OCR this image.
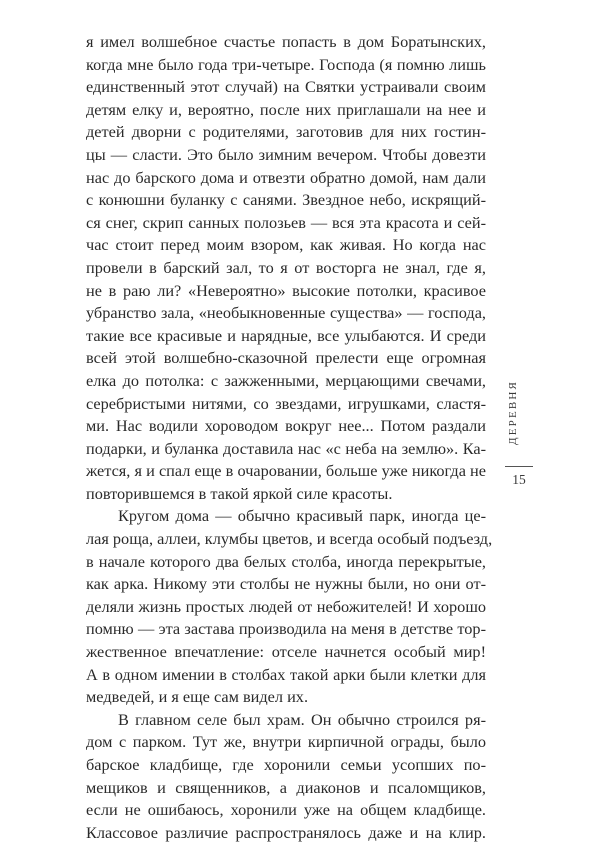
я имел волшебное счастье попасть в дом Боратынских,
когда мне было года три-четыре. Господа (я помню лишь
единственный этот случай) на Святки устраивали своим
детям елку и, вероятно, после них приглашали на нее и
детей дворни с родителями, заготовив для них гостин-
цы — сласти. Это было зимним вечером. Чтобы довезти
нас до барского дома и отвезти обратно домой, нам дали
с конюшни буланку с санями. Звездное небо, искрящий-
ся снег, скрип санных полозьев — вся эта красота и сей-
час стоит перед моим взором, как живая. Но когда нас
провели в барский зал, то я от восторга не знал, где я,
не в раю ли? «Невероятно» высокие потолки, красивое
убранство зала, «необыкновенные существа» — господа,
такие все красивые и нарядные, все улыбаются. И среди
всей этой волшебно-сказочной прелести еще огромная
елка до потолка: с зажженными, мерцающими свечами,
серебристыми нитями, со звездами, игрушками, сластя-
ми. Нас водили хороводом вокруг нее... Потом раздали
подарки, и буланка доставила нас «с неба на землю». Ка-
жется, я и спал еще в очаровании, больше уже никогда не
повторившемся в такой яркой силе красоты.
Кругом дома — обычно красивый парк, иногда це-
лая роща, аллеи, клумбы цветов, и всегда особый подъезд,
в начале которого два белых столба, иногда перекрытые,
как арка. Никому эти столбы не нужны были, но они от-
деляли жизнь простых людей от небожителей! И хорошо
помню — эта застава производила на меня в детстве тор-
жественное впечатление: отселе начнется особый мир!
А в одном имении в столбах такой арки были клетки для
медведей, и я еще сам видел их.
В главном селе был храм. Он обычно строился ря-
дом с парком. Тут же, внутри кирпичной ограды, было
барское кладбище, где хоронили семьи усопших по-
мещиков и священников, а диаконов и псаломщиков,
если не ошибаюсь, хоронили уже на общем кладбище.
Классовое различие распространялось даже и на клир.
ДЕРЕВНЯ
15
